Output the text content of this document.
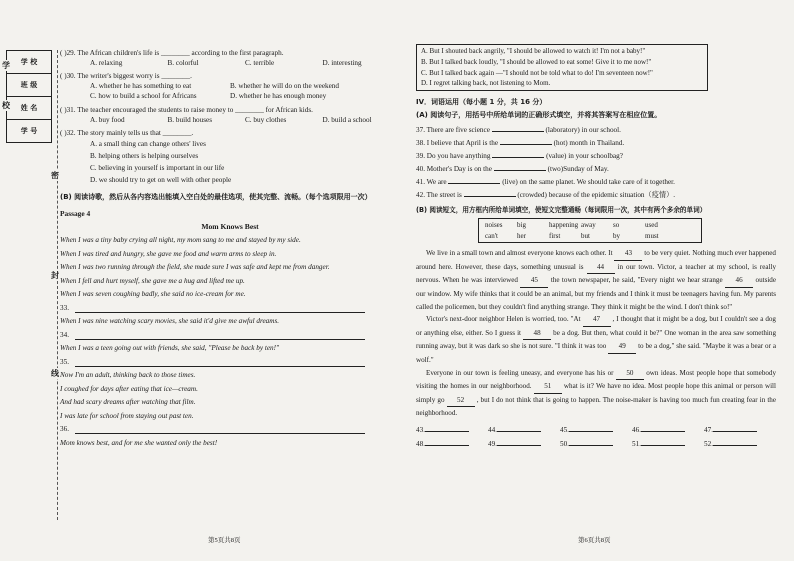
学 校
班 级
姓 名
学 号
学
校
密
封
线
( )29. The African children's life is ________ according to the first paragraph.
A. relaxing	B. colorful	C. terrible	D. interesting
( )30. The writer's biggest worry is ________.
A. whether he has something to eat	B. whether he will do on the weekend
C. how to build a school for Africans	D. whether he has enough money
( )31. The teacher encouraged the students to raise money to ________ for African kids.
A. buy food	B. build houses	C. buy clothes	D. build a school
( )32. The story mainly tells us that ________.
A. a small thing can change others' lives
B. helping others is helping ourselves
C. believing in yourself is important in our life
D. we should try to get on well with other people
(B) 阅读诗歌，然后从各内容选出能填入空白处的最佳选项，使其完整、流畅。（每个选项限用一次）
Passage 4
Mom Knows Best
When I was a tiny baby crying all night, my mom sang to me and stayed by my side.
When I was tired and hungry, she gave me food and warm arms to sleep in.
When I was two running through the field, she made sure I was safe and kept me from danger.
When I fell and hurt myself, she gave me a hug and lifted me up.
When I was seven coughing badly, she said no ice-cream for me.
33.
When I was nine watching scary movies, she said it'd give me awful dreams.
34.
When I was a teen going out with friends, she said, "Please be back by ten!"
35.
Now I'm an adult, thinking back to those times.
I coughed for days after eating that ice—cream.
And had scary dreams after watching that film.
I was late for school from staying out past ten.
36.
Mom knows best, and for me she wanted only the best!
第5页共8页
A. But I shouted back angrily, "I should be allowed to watch it! I'm not a baby!"
B. But I talked back loudly, "I should be allowed to eat some! Give it to me now!"
C. But I talked back again —"I should not be told what to do! I'm seventeen now!"
D. I regret talking back, not listening to Mom.
IV．词语运用（每小题 1 分，共 16 分）
(A) 阅读句子，用括号中所给单词的正确形式填空，并将其答案写在相应位置。
37. There are five science	(laboratory) in our school.
38. I believe that April is the	(hot) month in Thailand.
39. Do you have anything	(value) in your schoolbag?
40. Mother's Day is on the	(two)Sunday of May.
41. We are	(live) on the same planet. We should take care of it together.
42. The street is	(crowded) because of the epidemic situation（疫情）.
(B) 阅读短文，用方框内所给单词填空，使短文完整通畅（每词限用一次，其中有两个多余的单词）
noises	big	happening away	so	used
can't	her	first	but	by	must
We live in a small town and almost everyone knows each other. It 43 to be very quiet. Nothing much ever happened around here. However, these days, something unusual is 44 in our town. Victor, a teacher at my school, is really nervous. When he was interviewed 45 the town newspaper, he said, "Every night we hear strange 46 outside our window. My wife thinks that it could be an animal, but my friends and I think it must be teenagers having fun. My parents called the policemen, but they couldn't find anything strange. They think it might be the wind. I don't think so!"
Victor's next-door neighbor Helen is worried, too. "At 47 , I thought that it might be a dog, but I couldn't see a dog or anything else, either. So I guess it 48 be a dog. But then, what could it be?" One woman in the area saw something running away, but it was dark so she is not sure. "I think it was too 49 to be a dog," she said. "Maybe it was a bear or a wolf."
Everyone in our town is feeling uneasy, and everyone has his or 50 own ideas. Most people hope that somebody visiting the homes in our neighborhood. 51 what is it? We have no idea. Most people hope this animal or person will simply go 52 , but I do not think that is going to happen. The noise-maker is having too much fun creating fear in the neighborhood.
43.	44.	45.	46.	47.
48.	49.	50.	51.	52.
第6页共8页
